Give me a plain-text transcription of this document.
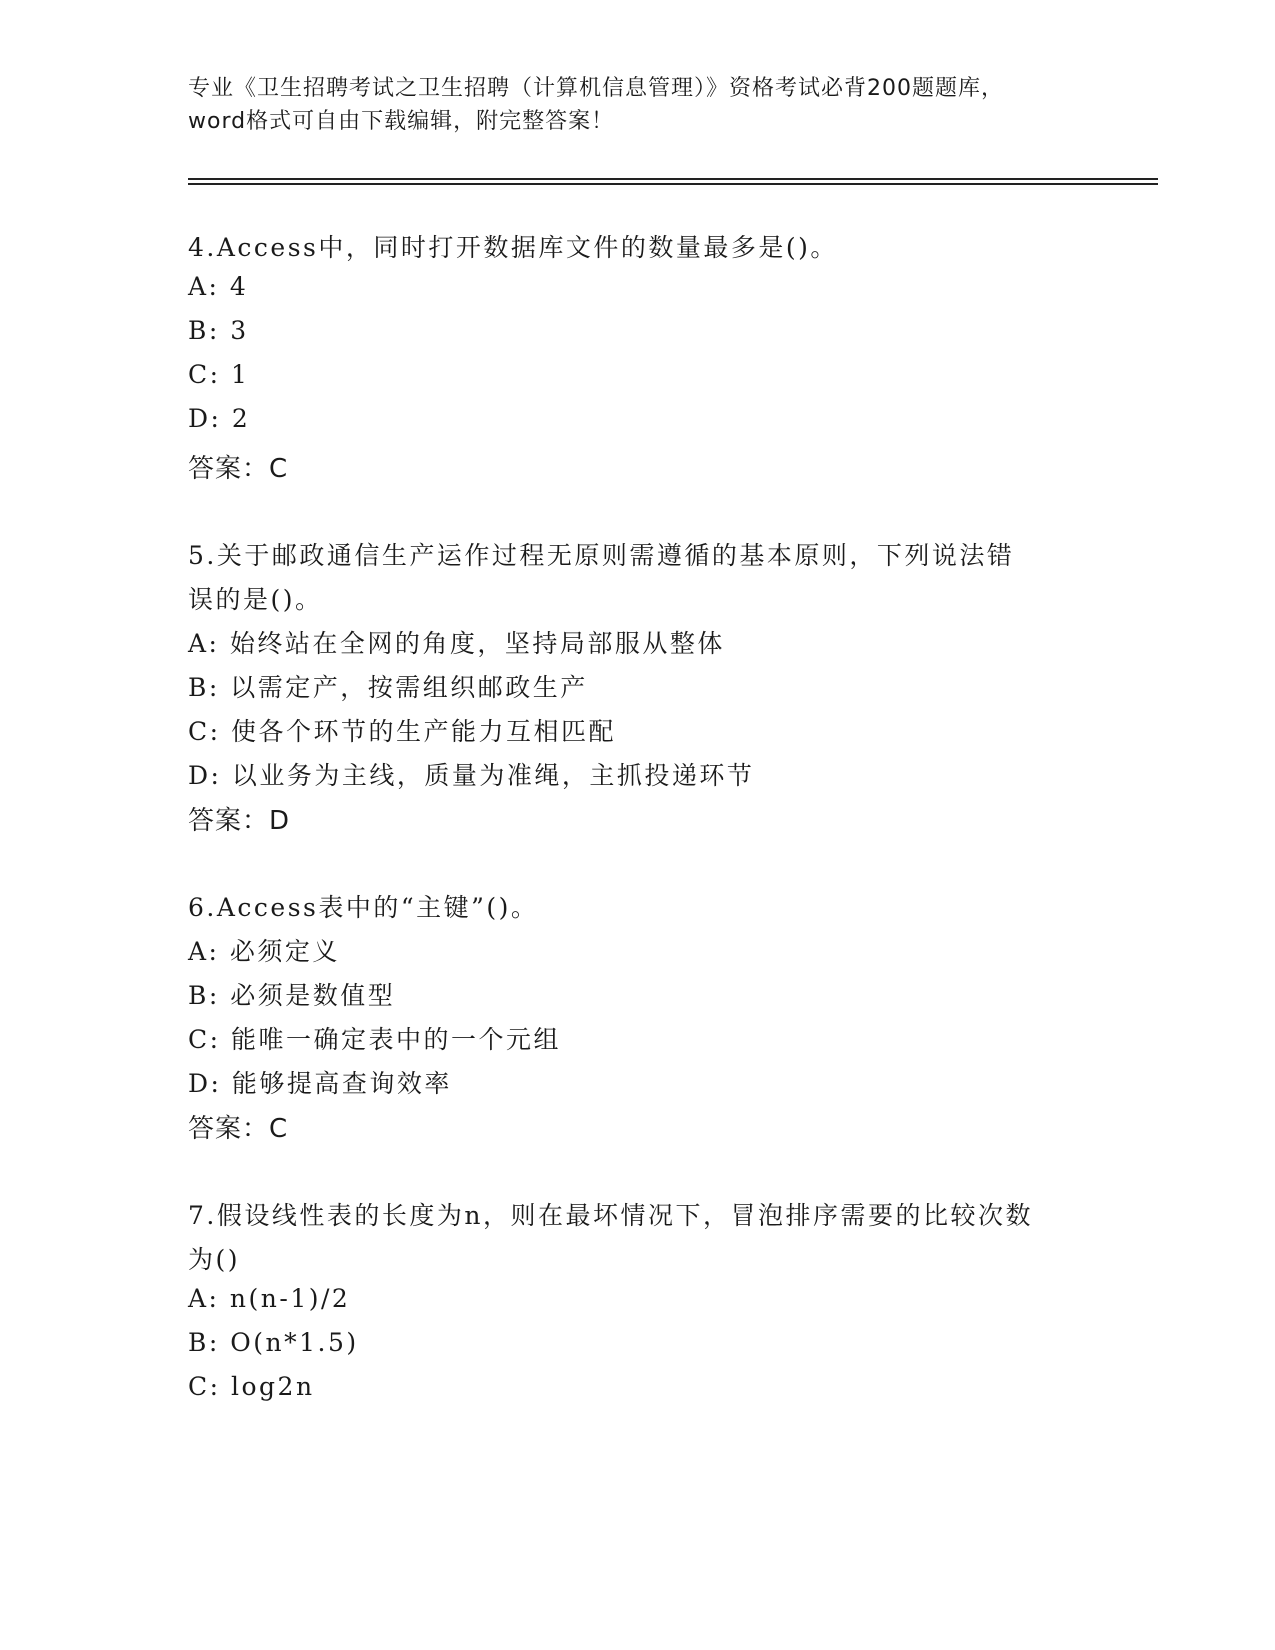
专业《卫生招聘考试之卫生招聘（计算机信息管理）》资格考试必背200题题库，
word格式可自由下载编辑，附完整答案！
4.Access中，同时打开数据库文件的数量最多是()。
A: 4
B: 3
C: 1
D: 2
答案：C
5.关于邮政通信生产运作过程无原则需遵循的基本原则，下列说法错
误的是()。
A: 始终站在全网的角度，坚持局部服从整体
B: 以需定产，按需组织邮政生产
C: 使各个环节的生产能力互相匹配
D: 以业务为主线，质量为准绳，主抓投递环节
答案：D
6.Access表中的“主键”()。
A: 必须定义
B: 必须是数值型
C: 能唯一确定表中的一个元组
D: 能够提高查询效率
答案：C
7.假设线性表的长度为n，则在最坏情况下，冒泡排序需要的比较次数
为()
A: n(n-1)/2
B: O(n*1.5)
C: log2n
